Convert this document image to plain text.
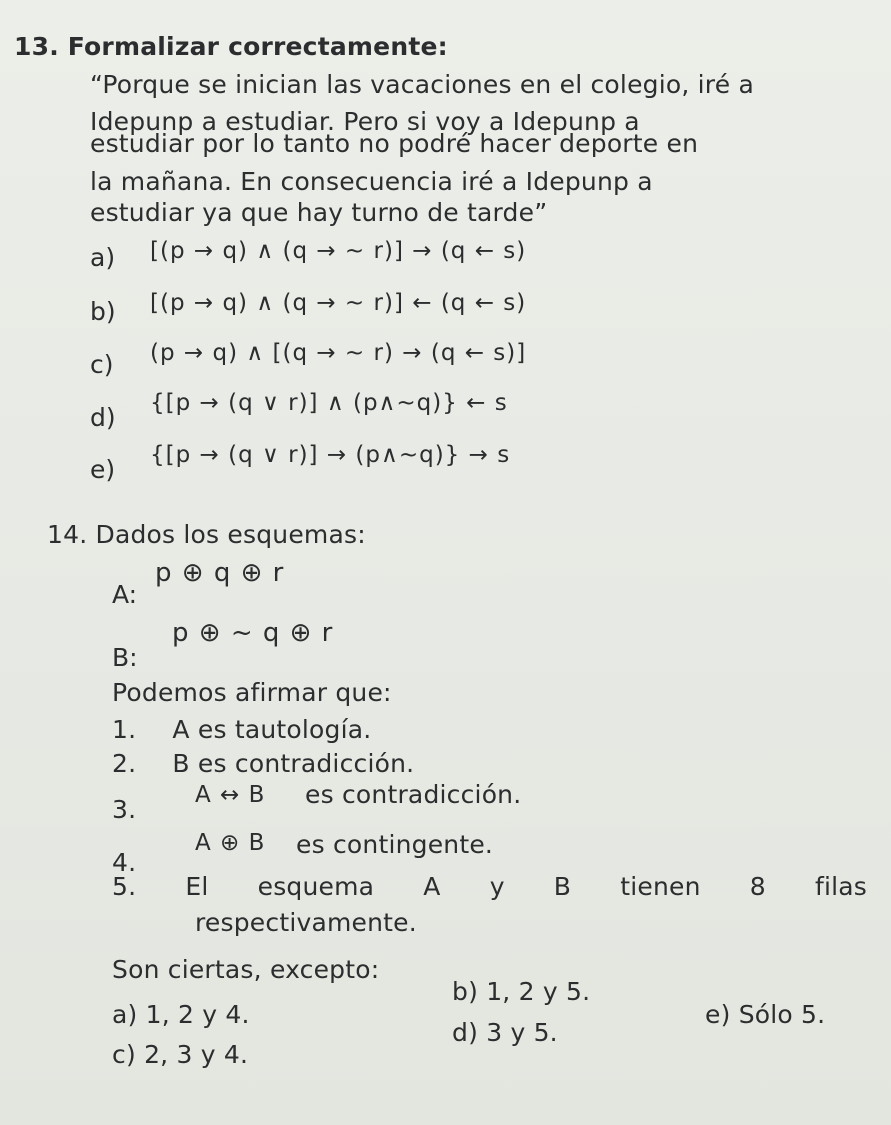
13. Formalizar correctamente:
“Porque se inician las vacaciones en el colegio, iré a
Idepunp a estudiar. Pero si voy a Idepunp a
estudiar por lo tanto no podré hacer deporte en
la mañana. En consecuencia iré a Idepunp a
estudiar ya que hay turno de tarde”
a) [(p → q) ∧ (q → ~ r)] → (q ← s)
b) [(p → q) ∧ (q → ~ r)] ← (q ← s)
c) (p → q) ∧ [(q → ~ r) → (q ← s)]
d) {[p → (q ∨ r)] ∧ (p∧~q)} ← s
e) {[p → (q ∨ r)] → (p∧~q)} → s
14. Dados los esquemas:
A:
p ⊕ q ⊕ r
B:
p ⊕ ~ q ⊕ r
Podemos afirmar que:
1. A es tautología.
2. B es contradicción.
3.	A ↔ B es contradicción.
4.
A ⊕ B es contingente.
5. El esquema A y B tienen 8 filas
respectivamente.
Son ciertas, excepto:
a) 1, 2 y 4.
b) 1, 2 y 5.
c) 2, 3 y 4.
d) 3 y 5.
e) Sólo 5.
